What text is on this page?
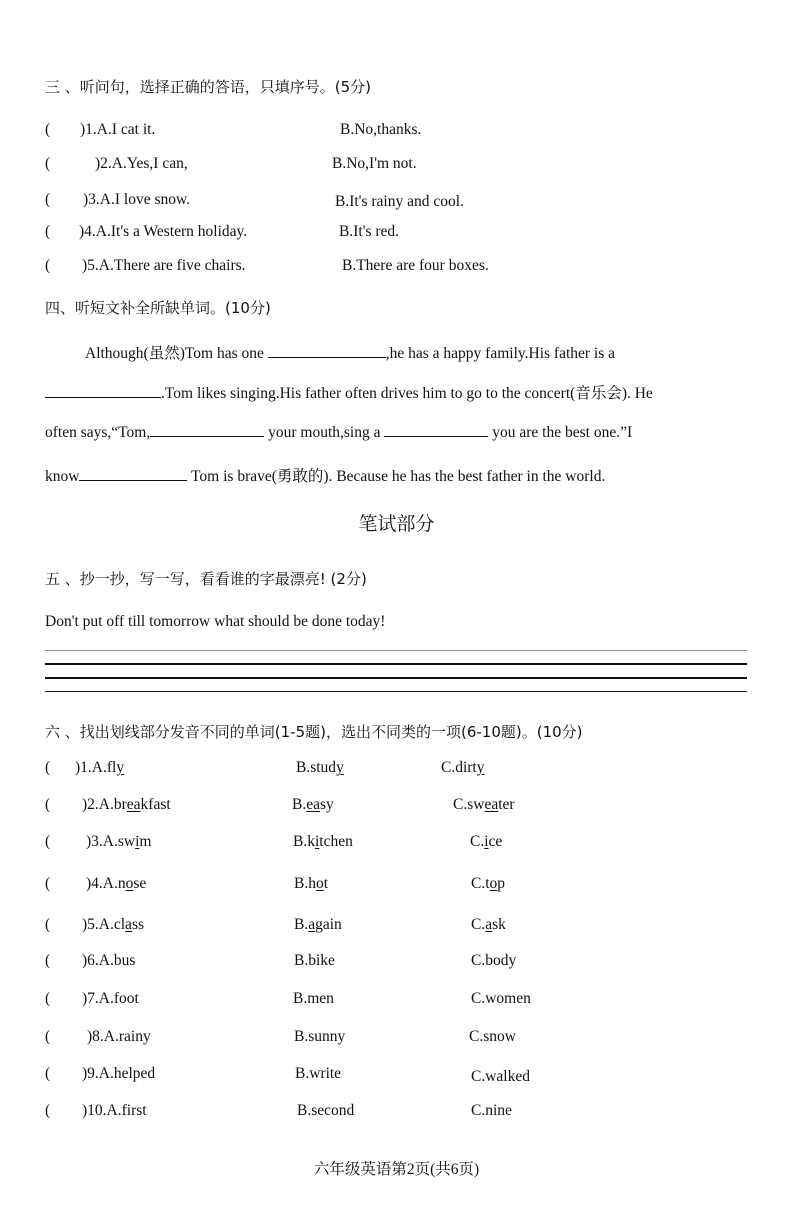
三 、听问句，选择正确的答语，只填序号。(5分)
( )1.A.I cat it.	B.No,thanks.
(	)2.A.Yes,I can,	B.No,I'm not.
( )3.A.I love snow.	B.It's rainy and cool.
( )4.A.It's a Western holiday.	B.It's red.
( )5.A.There are five chairs.	B.There are four boxes.
四、听短文补全所缺单词。(10分)
Although(虽然)Tom has one	,he has a happy family.His father is a
.Tom likes singing.His father often drives him to go to the concert(音乐会). He
often says,“Tom,	your mouth,sing a	you are the best one.”I
know	Tom is brave(勇敢的). Because he has the best father in the world.
笔试部分
五 、抄一抄，写一写，看看谁的字最漂亮! (2分)
Don't put off till tomorrow what should be done today!
六 、找出划线部分发音不同的单词(1-5题)，选出不同类的一项(6-10题)。(10分)
( )1.A.fly	B.study	C.dirty
( )2.A.breakfast	B.easy	C.sweater
( )3.A.swim	B.kitchen	C.ice
( )4.A.nose	B.hot	C.top
( )5.A.class	B.again	C.ask
( )6.A.bus	B.bike	C.body
( )7.A.foot	B.men	C.women
( )8.A.rainy	B.sunny	C.snow
( )9.A.helped	B.write	C.walked
( )10.A.first	B.second	C.nine
六年级英语第2页(共6页)
